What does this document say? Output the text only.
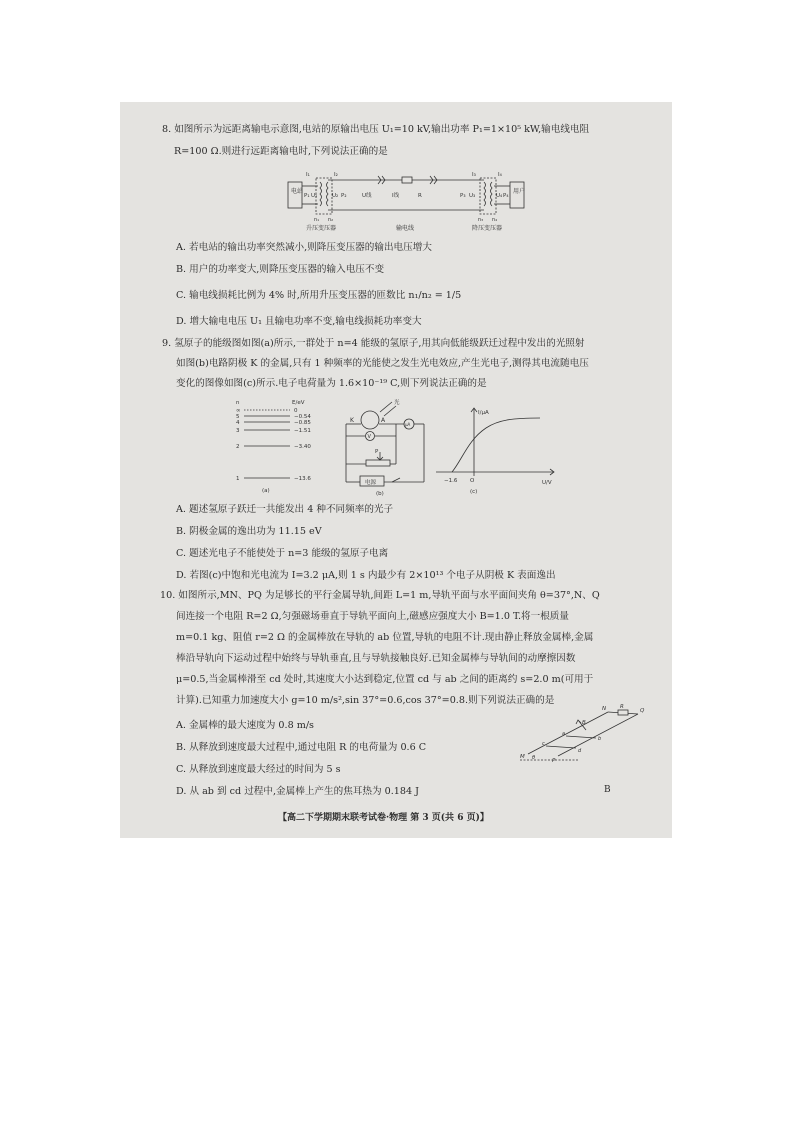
8. 如图所示为远距离输电示意图,电站的原输出电压 U₁=10 kV,输出功率 P₁=1×10⁵ kW,输电线电阻
R=100 Ω.则进行远距离输电时,下列说法正确的是
电站	用户
P₁ U₁	U₂ P₂	U线	I线	R	P₃ U₃	U₄ P₄
I₁	I₂	I₃	I₄
n₁ n₂	n₃ n₄
升压变压器	输电线	降压变压器
A. 若电站的输出功率突然减小,则降压变压器的输出电压增大
B. 用户的功率变大,则降压变压器的输入电压不变
C. 输电线损耗比例为 4% 时,所用升压变压器的匝数比 n₁/n₂ = 1/5
D. 增大输电电压 U₁ 且输电功率不变,输电线损耗功率变大
9. 氢原子的能级图如图(a)所示,一群处于 n=4 能级的氢原子,用其向低能级跃迁过程中发出的光照射
如图(b)电路阴极 K 的金属,只有 1 种频率的光能使之发生光电效应,产生光电子,测得其电流随电压
变化的图像如图(c)所示.电子电荷量为 1.6×10⁻¹⁹ C,则下列说法正确的是
n	E/eV
∞	0
5	−0.54
4	−0.85
3	−1.51
2	−3.40
1	−13.6
(a)
光
K	A
V
μA
P
电源
(b)
I/μA
U/V
−1.6 O
(c)
A. 题述氢原子跃迁一共能发出 4 种不同频率的光子
B. 阴极金属的逸出功为 11.15 eV
C. 题述光电子不能使处于 n=3 能级的氢原子电离
D. 若图(c)中饱和光电流为 I=3.2 μA,则 1 s 内最少有 2×10¹³ 个电子从阴极 K 表面逸出
10. 如图所示,MN、PQ 为足够长的平行金属导轨,间距 L=1 m,导轨平面与水平面间夹角 θ=37°,N、Q
间连接一个电阻 R=2 Ω,匀强磁场垂直于导轨平面向上,磁感应强度大小 B=1.0 T.将一根质量
m=0.1 kg、阻值 r=2 Ω 的金属棒放在导轨的 ab 位置,导轨的电阻不计.现由静止释放金属棒,金属
棒沿导轨向下运动过程中始终与导轨垂直,且与导轨接触良好.已知金属棒与导轨间的动摩擦因数
μ=0.5,当金属棒滑至 cd 处时,其速度大小达到稳定,位置 cd 与 ab 之间的距离约 s=2.0 m(可用于
计算).已知重力加速度大小 g=10 m/s²,sin 37°=0.6,cos 37°=0.8.则下列说法正确的是
A. 金属棒的最大速度为 0.8 m/s
B. 从释放到速度最大过程中,通过电阻 R 的电荷量为 0.6 C
C. 从释放到速度最大经过的时间为 5 s
D. 从 ab 到 cd 过程中,金属棒上产生的焦耳热为 0.184 J
M
N
P
Q
R
a
b
c
d
B
θ
【高二下学期期末联考试卷·物理 第 3 页(共 6 页)】
B
